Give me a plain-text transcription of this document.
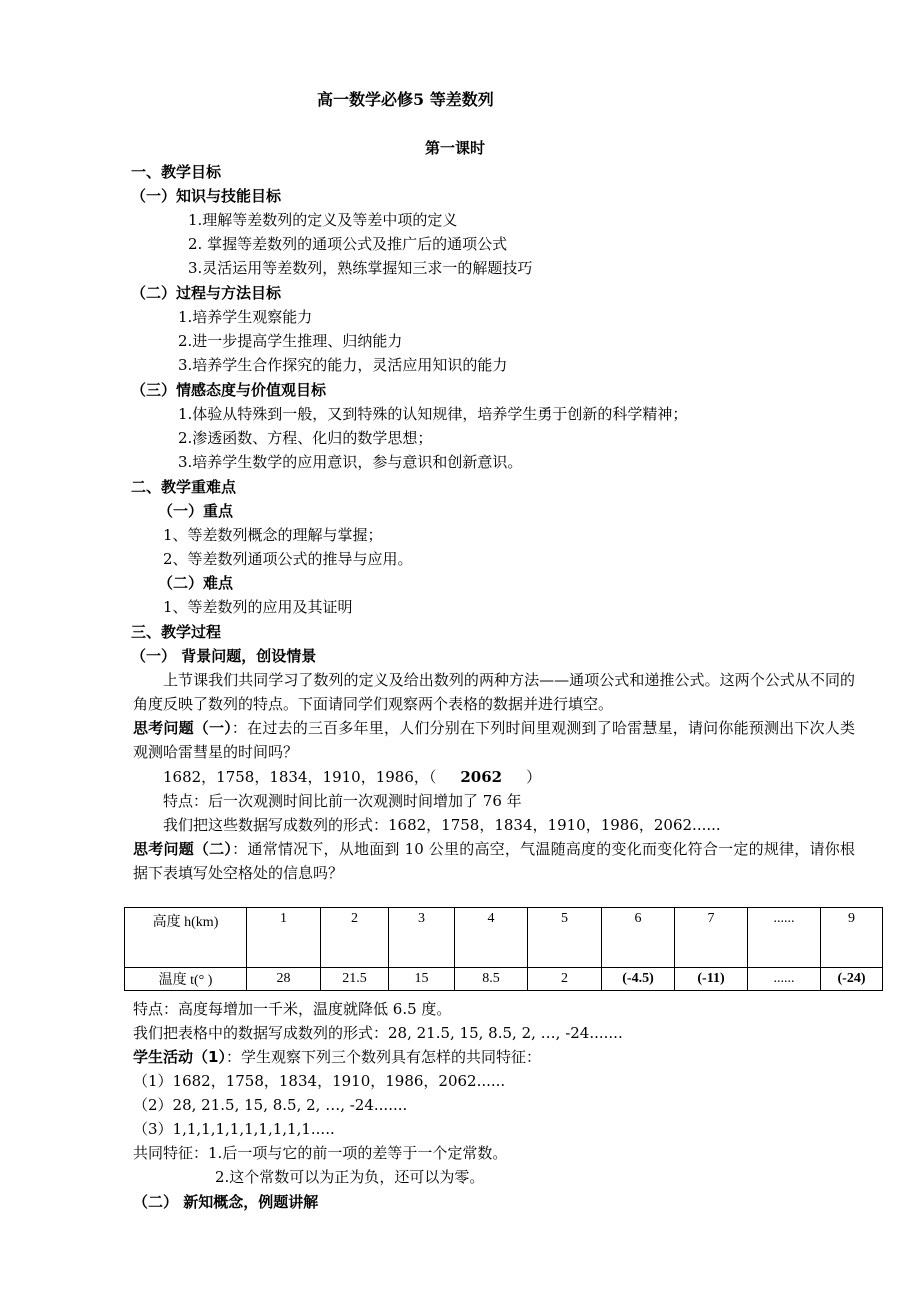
高一数学必修5 等差数列
第一课时
一、教学目标
（一）知识与技能目标
1.理解等差数列的定义及等差中项的定义
2. 掌握等差数列的通项公式及推广后的通项公式
3.灵活运用等差数列，熟练掌握知三求一的解题技巧
（二）过程与方法目标
1.培养学生观察能力
2.进一步提高学生推理、归纳能力
3.培养学生合作探究的能力，灵活应用知识的能力
（三）情感态度与价值观目标
1.体验从特殊到一般，又到特殊的认知规律，培养学生勇于创新的科学精神；
2.渗透函数、方程、化归的数学思想；
3.培养学生数学的应用意识，参与意识和创新意识。
二、教学重难点
（一）重点
1、等差数列概念的理解与掌握；
2、等差数列通项公式的推导与应用。
（二）难点
1、等差数列的应用及其证明
三、教学过程
（一） 背景问题，创设情景
上节课我们共同学习了数列的定义及给出数列的两种方法——通项公式和递推公式。这两个公式从不同的角度反映了数列的特点。下面请同学们观察两个表格的数据并进行填空。
思考问题（一）：在过去的三百多年里，人们分别在下列时间里观测到了哈雷慧星，请问你能预测出下次人类观测哈雷彗星的时间吗？
1682，1758，1834，1910，1986，（ 2062 ）
特点：后一次观测时间比前一次观测时间增加了 76 年
我们把这些数据写成数列的形式：1682，1758，1834，1910，1986，2062......
思考问题（二）：通常情况下，从地面到 10 公里的高空，气温随高度的变化而变化符合一定的规律，请你根据下表填写处空格处的信息吗？
高度 h(km)	1	2	3	4	5	6	7	......	9
温度 t(° )	28	21.5	15	8.5	2	(-4.5)	(-11)	......	(-24)
特点：高度每增加一千米，温度就降低 6.5 度。
我们把表格中的数据写成数列的形式：28, 21.5, 15, 8.5, 2, …, -24.......
学生活动（1）：学生观察下列三个数列具有怎样的共同特征：
（1）1682，1758，1834，1910，1986，2062......
（2）28, 21.5, 15, 8.5, 2, …, -24.......
（3）1,1,1,1,1,1,1,1,1,1.....
共同特征：1.后一项与它的前一项的差等于一个定常数。
2.这个常数可以为正为负，还可以为零。
（二） 新知概念，例题讲解
